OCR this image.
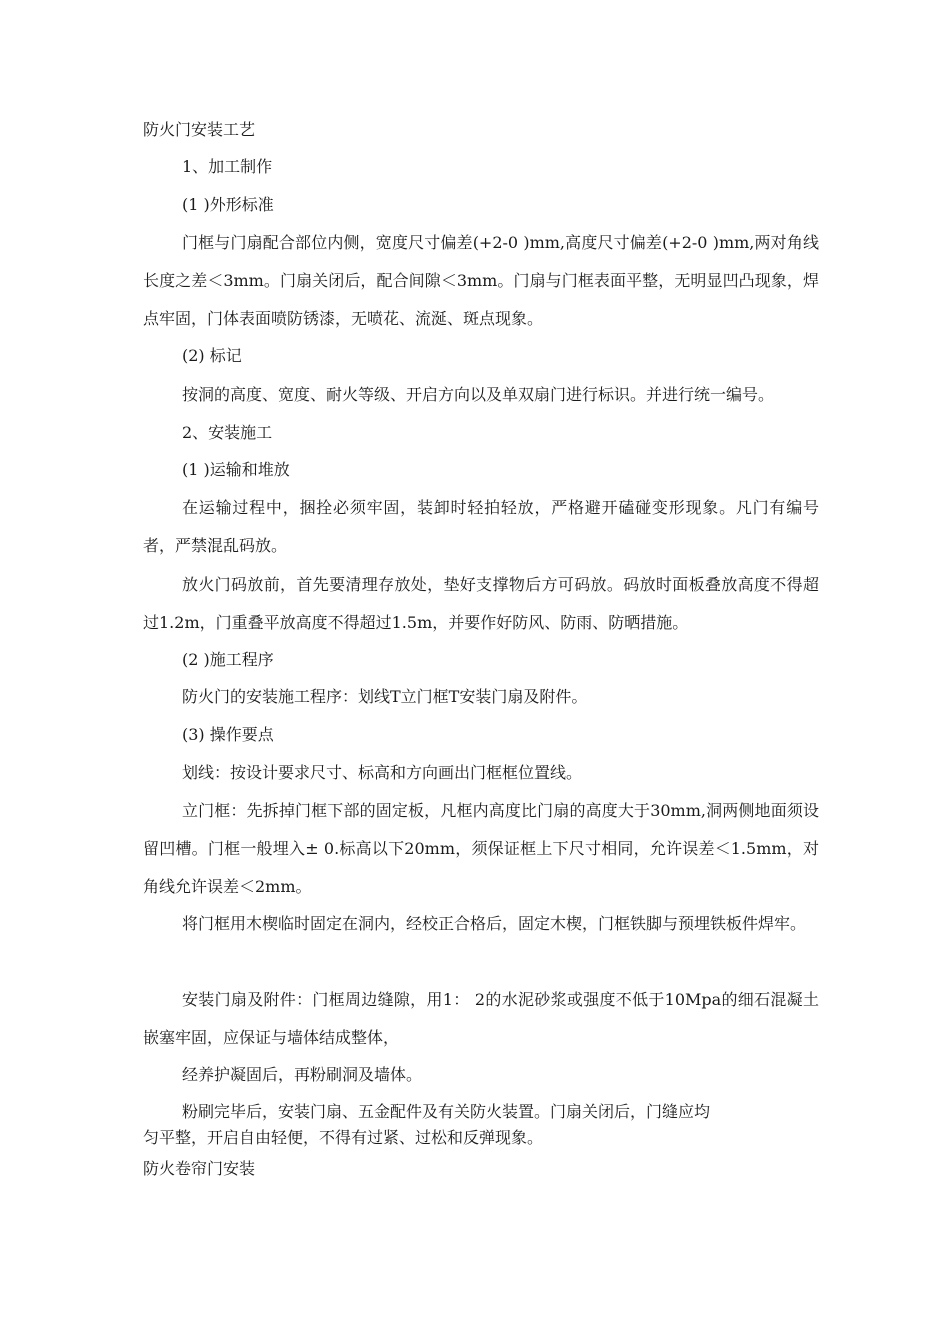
防火门安装工艺
1、加工制作
(1 )外形标准
门框与门扇配合部位内侧，宽度尺寸偏差(+2-0 )mm,高度尺寸偏差(+2-0 )mm,两对角线长度之差＜3mm。门扇关闭后，配合间隙＜3mm。门扇与门框表面平整，无明显凹凸现象，焊点牢固，门体表面喷防锈漆，无喷花、流涎、斑点现象。
(2) 标记
按洞的高度、宽度、耐火等级、开启方向以及单双扇门进行标识。并进行统一编号。
2、安装施工
(1 )运输和堆放
在运输过程中，捆拴必须牢固，装卸时轻拍轻放，严格避开磕碰变形现象。凡门有编号者，严禁混乱码放。
放火门码放前，首先要清理存放处，垫好支撑物后方可码放。码放时面板叠放高度不得超过1.2m，门重叠平放高度不得超过1.5m，并要作好防风、防雨、防晒措施。
(2 )施工程序
防火门的安装施工程序：划线T立门框T安装门扇及附件。
(3) 操作要点
划线：按设计要求尺寸、标高和方向画出门框框位置线。
立门框：先拆掉门框下部的固定板，凡框内高度比门扇的高度大于30mm,洞两侧地面须设留凹槽。门框一般埋入± 0.标高以下20mm，须保证框上下尺寸相同，允许误差＜1.5mm，对角线允许误差＜2mm。
将门框用木楔临时固定在洞内，经校正合格后，固定木楔，门框铁脚与预埋铁板件焊牢。
安装门扇及附件：门框周边缝隙，用1： 2的水泥砂浆或强度不低于10Mpa的细石混凝土嵌塞牢固，应保证与墙体结成整体，
经养护凝固后，再粉刷洞及墙体。
粉刷完毕后，安装门扇、五金配件及有关防火装置。门扇关闭后，门缝应均
匀平整，开启自由轻便，不得有过紧、过松和反弹现象。
防火卷帘门安装
